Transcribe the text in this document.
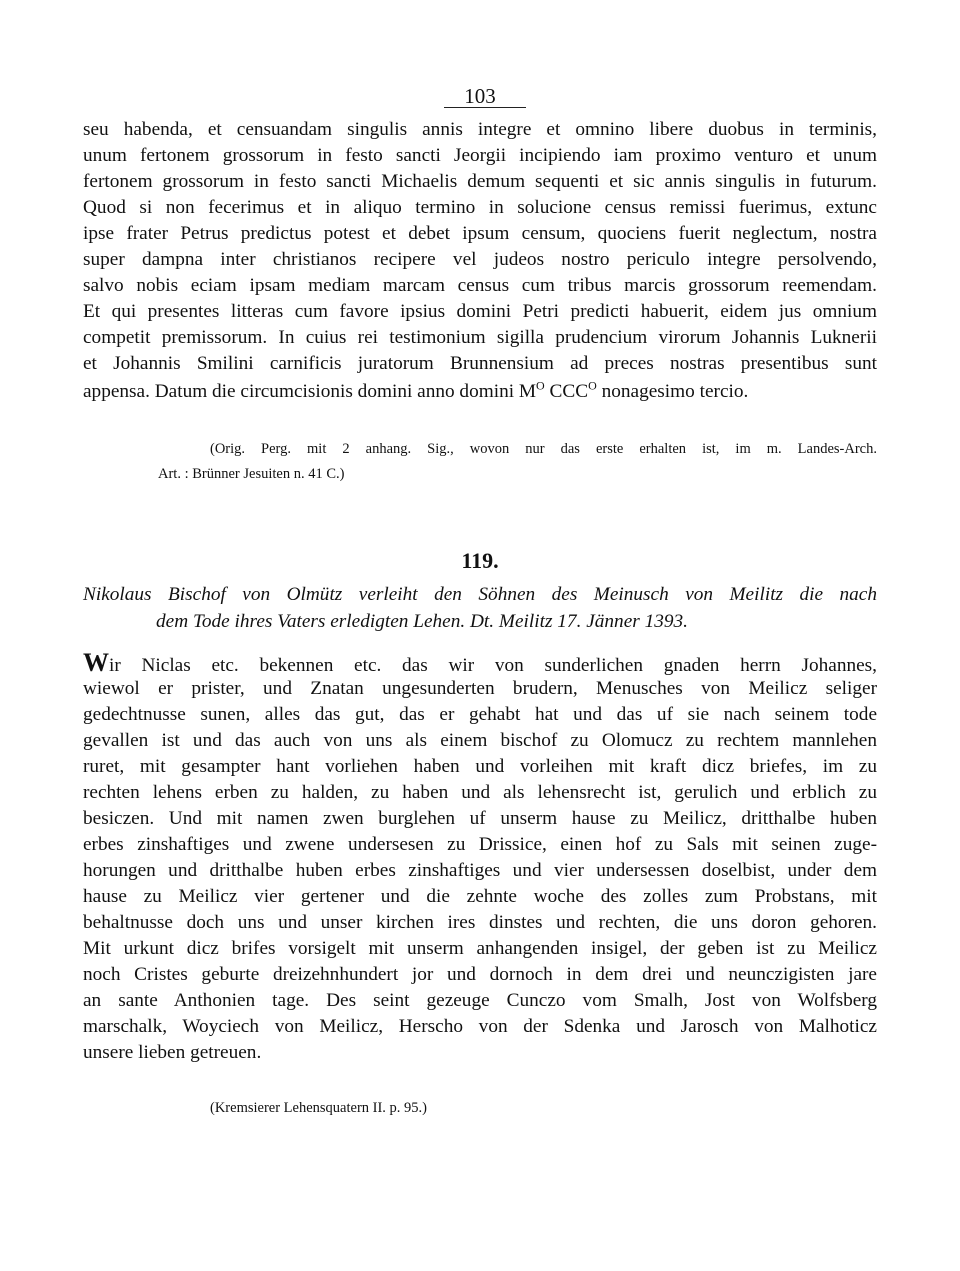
103
seu habenda, et censuandam singulis annis integre et omnino libere duobus in terminis,
unum fertonem grossorum in festo sancti Jeorgii incipiendo iam proximo venturo et unum
fertonem grossorum in festo sancti Michaelis demum sequenti et sic annis singulis in futurum.
Quod si non fecerimus et in aliquo termino in solucione census remissi fuerimus, extunc
ipse frater Petrus predictus potest et debet ipsum censum, quociens fuerit neglectum, nostra
super dampna inter christianos recipere vel judeos nostro periculo integre persolvendo,
salvo nobis eciam ipsam mediam marcam census cum tribus marcis grossorum reemendam.
Et qui presentes litteras cum favore ipsius domini Petri predicti habuerit, eidem jus omnium
competit premissorum. In cuius rei testimonium sigilla prudencium virorum Johannis Luknerii
et Johannis Smilini carnificis juratorum Brunnensium ad preces nostras presentibus sunt
appensa. Datum die circumcisionis domini anno domini $M^O$ $CCC^O$ nonagesimo tercio.
(Orig. Perg. mit 2 anhang. Sig., wovon nur das erste erhalten ist, im m. Landes-Arch.
Art. : Brünner Jesuiten n. 41 C.)
119.
Nikolaus Bischof von Olmütz verleiht den Söhnen des Meinusch von Meilitz die nach
dem Tode ihres Vaters erledigten Lehen. Dt. Meilitz 17. Jänner 1393.
Wir Niclas etc. bekennen etc. das wir von sunderlichen gnaden herrn Johannes,
wiewol er prister, und Znatan ungesunderten brudern, Menusches von Meilicz seliger
gedechtnusse sunen, alles das gut, das er gehabt hat und das uf sie nach seinem tode
gevallen ist und das auch von uns als einem bischof zu Olomucz zu rechtem mannlehen
ruret, mit gesampter hant vorliehen haben und vorleihen mit kraft dicz briefes, im zu
rechten lehens erben zu halden, zu haben und als lehensrecht ist, gerulich und erblich zu
besiczen. Und mit namen zwen burglehen uf unserm hause zu Meilicz, dritthalbe huben
erbes zinshaftiges und zwene undersesen zu Drissice, einen hof zu Sals mit seinen zuge-
horungen und dritthalbe huben erbes zinshaftiges und vier undersessen doselbist, under dem
hause zu Meilicz vier gertener und die zehnte woche des zolles zum Probstans, mit
behaltnusse doch uns und unser kirchen ires dinstes und rechten, die uns doron gehoren.
Mit urkunt dicz brifes vorsigelt mit unserm anhangenden insigel, der geben ist zu Meilicz
noch Cristes geburte dreizehnhundert jor und dornoch in dem drei und neunczigisten jare
an sante Anthonien tage. Des seint gezeuge Cunczo vom Smalh, Jost von Wolfsberg
marschalk, Woyciech von Meilicz, Herscho von der Sdenka und Jarosch von Malhoticz
unsere lieben getreuen.
(Kremsierer Lehensquatern II. p. 95.)
